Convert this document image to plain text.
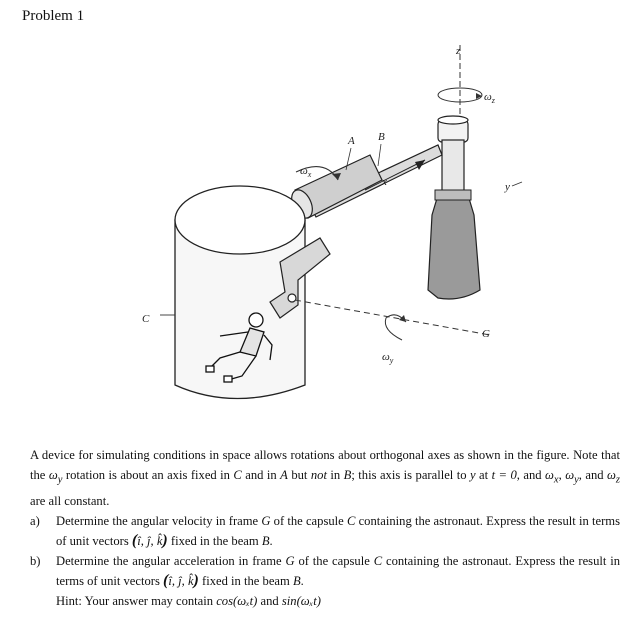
Problem 1
z
$\omega_z$
x
A B
y
$\omega_x$
C
G
$\omega_y$

A device for simulating conditions in space allows rotations about orthogonal axes as shown in the figure. Note that the $\omega_y$ rotation is about an axis fixed in C and in A but not in B; this axis is parallel to y at t = 0, and $\omega_x$, $\omega_y$, and $\omega_z$ are all constant.

a)	Determine the angular velocity in frame G of the capsule C containing the astronaut. Express the result in terms of unit vectors (î, ĵ, k̂) fixed in the beam B.
b)	Determine the angular acceleration in frame G of the capsule C containing the astronaut. Express the result in terms of unit vectors (î, ĵ, k̂) fixed in the beam B.

Hint: Your answer may contain cos(ωₓt) and sin(ωₓt)
